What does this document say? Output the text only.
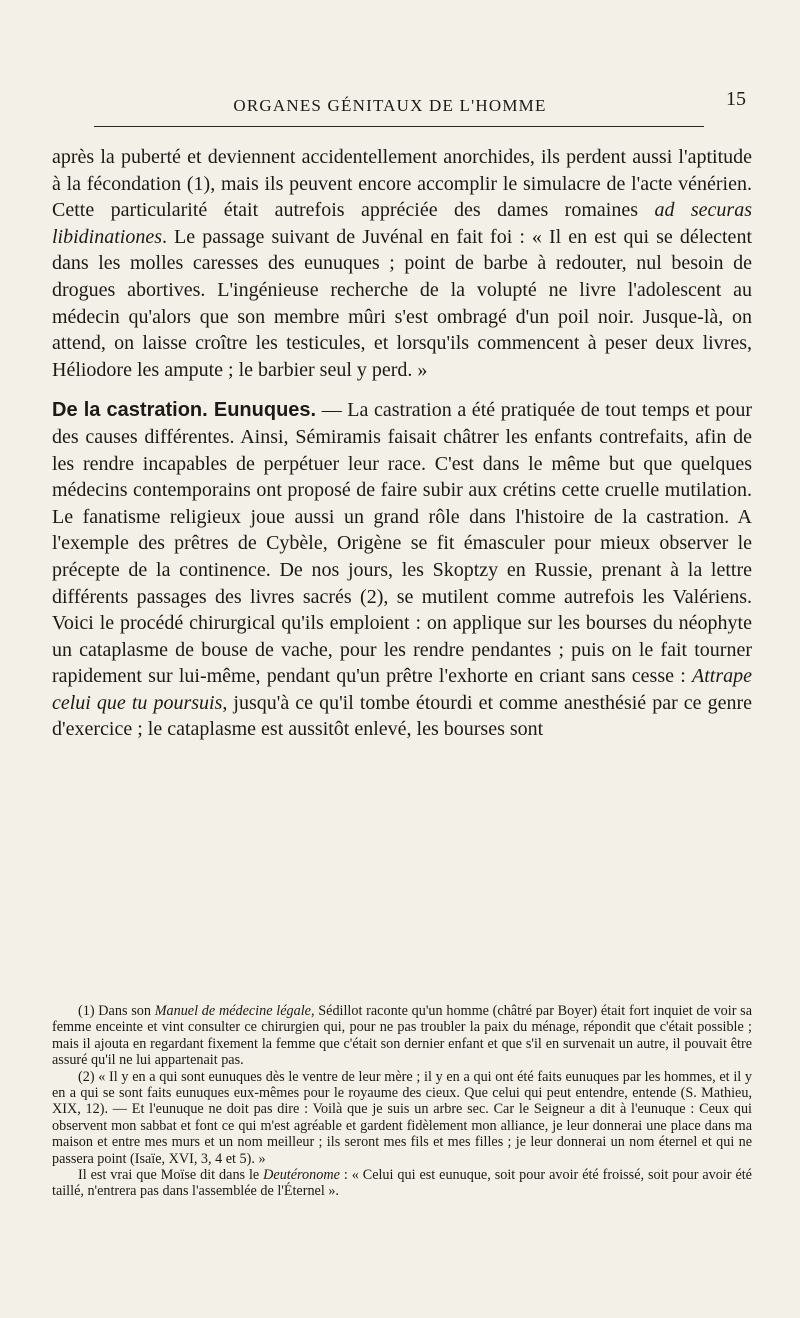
ORGANES GÉNITAUX DE L'HOMME	15

après la puberté et deviennent accidentellement anorchides, ils perdent aussi l'aptitude à la fécondation (1), mais ils peuvent encore accomplir le simulacre de l'acte vénérien. Cette particularité était autrefois appréciée des dames romaines ad securas libidinationes. Le passage suivant de Juvénal en fait foi : « Il en est qui se délectent dans les molles caresses des eunuques ; point de barbe à redouter, nul besoin de drogues abortives. L'ingénieuse recherche de la volupté ne livre l'adolescent au médecin qu'alors que son membre mûri s'est ombragé d'un poil noir. Jusque-là, on attend, on laisse croître les testicules, et lorsqu'ils commencent à peser deux livres, Héliodore les ampute ; le barbier seul y perd. »

De la castration. Eunuques. — La castration a été pratiquée de tout temps et pour des causes différentes. Ainsi, Sémiramis faisait châtrer les enfants contrefaits, afin de les rendre incapables de perpétuer leur race. C'est dans le même but que quelques médecins contemporains ont proposé de faire subir aux crétins cette cruelle mutilation. Le fanatisme religieux joue aussi un grand rôle dans l'histoire de la castration. A l'exemple des prêtres de Cybèle, Origène se fit émasculer pour mieux observer le précepte de la continence. De nos jours, les Skoptzy en Russie, prenant à la lettre différents passages des livres sacrés (2), se mutilent comme autrefois les Valériens. Voici le procédé chirurgical qu'ils emploient : on applique sur les bourses du néophyte un cataplasme de bouse de vache, pour les rendre pendantes ; puis on le fait tourner rapidement sur lui-même, pendant qu'un prêtre l'exhorte en criant sans cesse : Attrape celui que tu poursuis, jusqu'à ce qu'il tombe étourdi et comme anesthésié par ce genre d'exercice ; le cataplasme est aussitôt enlevé, les bourses sont

(1) Dans son Manuel de médecine légale, Sédillot raconte qu'un homme (châtré par Boyer) était fort inquiet de voir sa femme enceinte et vint consulter ce chirurgien qui, pour ne pas troubler la paix du ménage, répondit que c'était possible ; mais il ajouta en regardant fixement la femme que c'était son dernier enfant et que s'il en survenait un autre, il pouvait être assuré qu'il ne lui appartenait pas.

(2) « Il y en a qui sont eunuques dès le ventre de leur mère ; il y en a qui ont été faits eunuques par les hommes, et il y en a qui se sont faits eunuques eux-mêmes pour le royaume des cieux. Que celui qui peut entendre, entende (S. Mathieu, XIX, 12). — Et l'eunuque ne doit pas dire : Voilà que je suis un arbre sec. Car le Seigneur a dit à l'eunuque : Ceux qui observent mon sabbat et font ce qui m'est agréable et gardent fidèlement mon alliance, je leur donnerai une place dans ma maison et entre mes murs et un nom meilleur ; ils seront mes fils et mes filles ; je leur donnerai un nom éternel et qui ne passera point (Isaïe, XVI, 3, 4 et 5). »

Il est vrai que Moïse dit dans le Deutéronome : « Celui qui est eunuque, soit pour avoir été froissé, soit pour avoir été taillé, n'entrera pas dans l'assemblée de l'Éternel ».
